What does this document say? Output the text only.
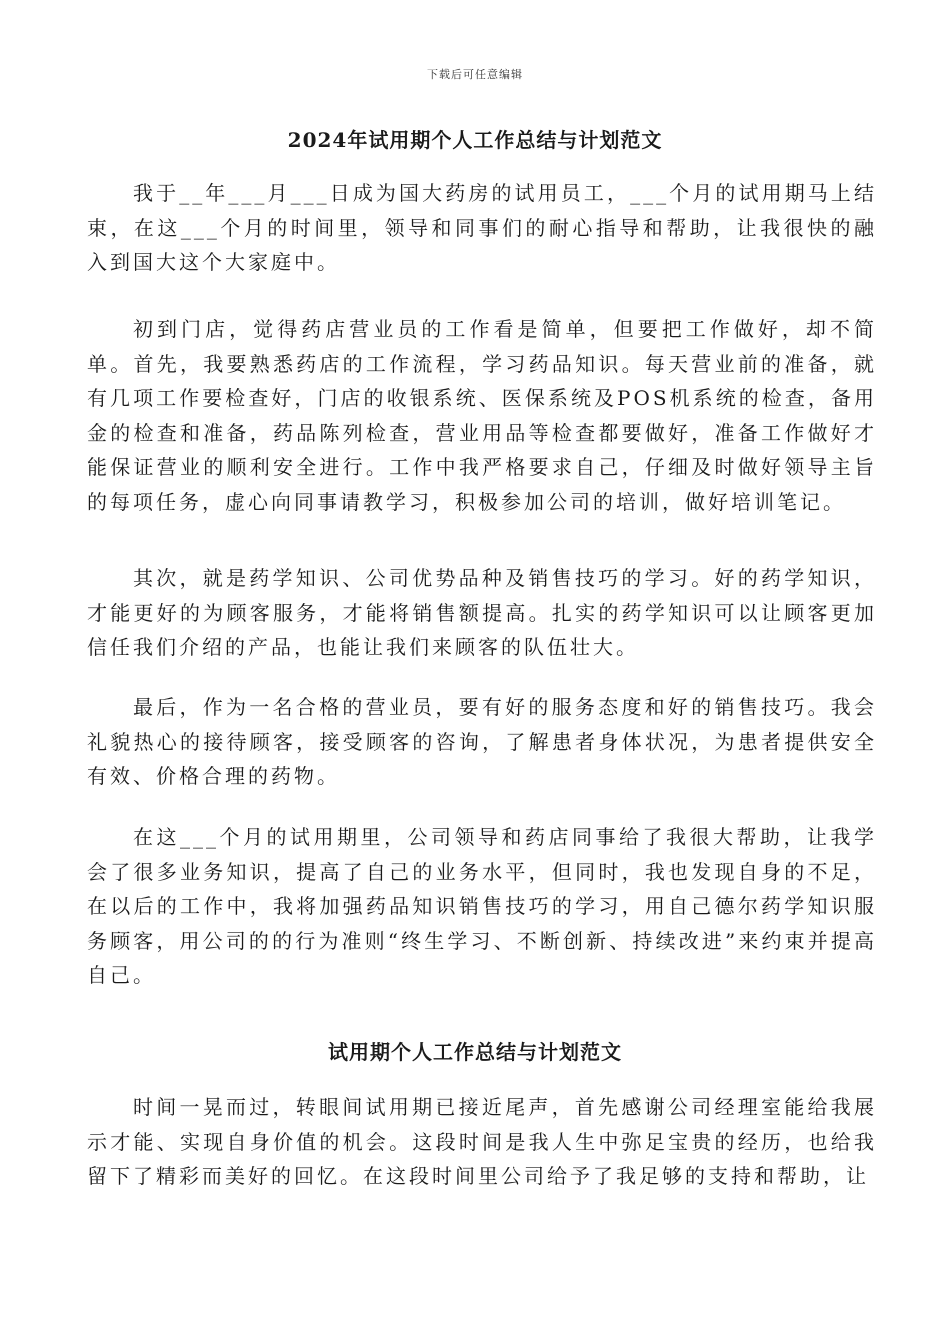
下载后可任意编辑
2024年试用期个人工作总结与计划范文

我于__年___月___日成为国大药房的试用员工，___个月的试用期马上结束，在这___个月的时间里，领导和同事们的耐心指导和帮助，让我很快的融入到国大这个大家庭中。

初到门店，觉得药店营业员的工作看是简单，但要把工作做好，却不简单。首先，我要熟悉药店的工作流程，学习药品知识。每天营业前的准备，就有几项工作要检查好，门店的收银系统、医保系统及POS机系统的检查，备用金的检查和准备，药品陈列检查，营业用品等检查都要做好，准备工作做好才能保证营业的顺利安全进行。工作中我严格要求自己，仔细及时做好领导主旨的每项任务，虚心向同事请教学习，积极参加公司的培训，做好培训笔记。

其次，就是药学知识、公司优势品种及销售技巧的学习。好的药学知识，才能更好的为顾客服务，才能将销售额提高。扎实的药学知识可以让顾客更加信任我们介绍的产品，也能让我们来顾客的队伍壮大。

最后，作为一名合格的营业员，要有好的服务态度和好的销售技巧。我会礼貌热心的接待顾客，接受顾客的咨询，了解患者身体状况，为患者提供安全有效、价格合理的药物。

在这___个月的试用期里，公司领导和药店同事给了我很大帮助，让我学会了很多业务知识，提高了自己的业务水平，但同时，我也发现自身的不足，在以后的工作中，我将加强药品知识销售技巧的学习，用自己德尔药学知识服务顾客，用公司的的行为准则“终生学习、不断创新、持续改进”来约束并提高自己。

试用期个人工作总结与计划范文

时间一晃而过，转眼间试用期已接近尾声，首先感谢公司经理室能给我展示才能、实现自身价值的机会。这段时间是我人生中弥足宝贵的经历，也给我留下了精彩而美好的回忆。在这段时间里公司给予了我足够的支持和帮助，让
